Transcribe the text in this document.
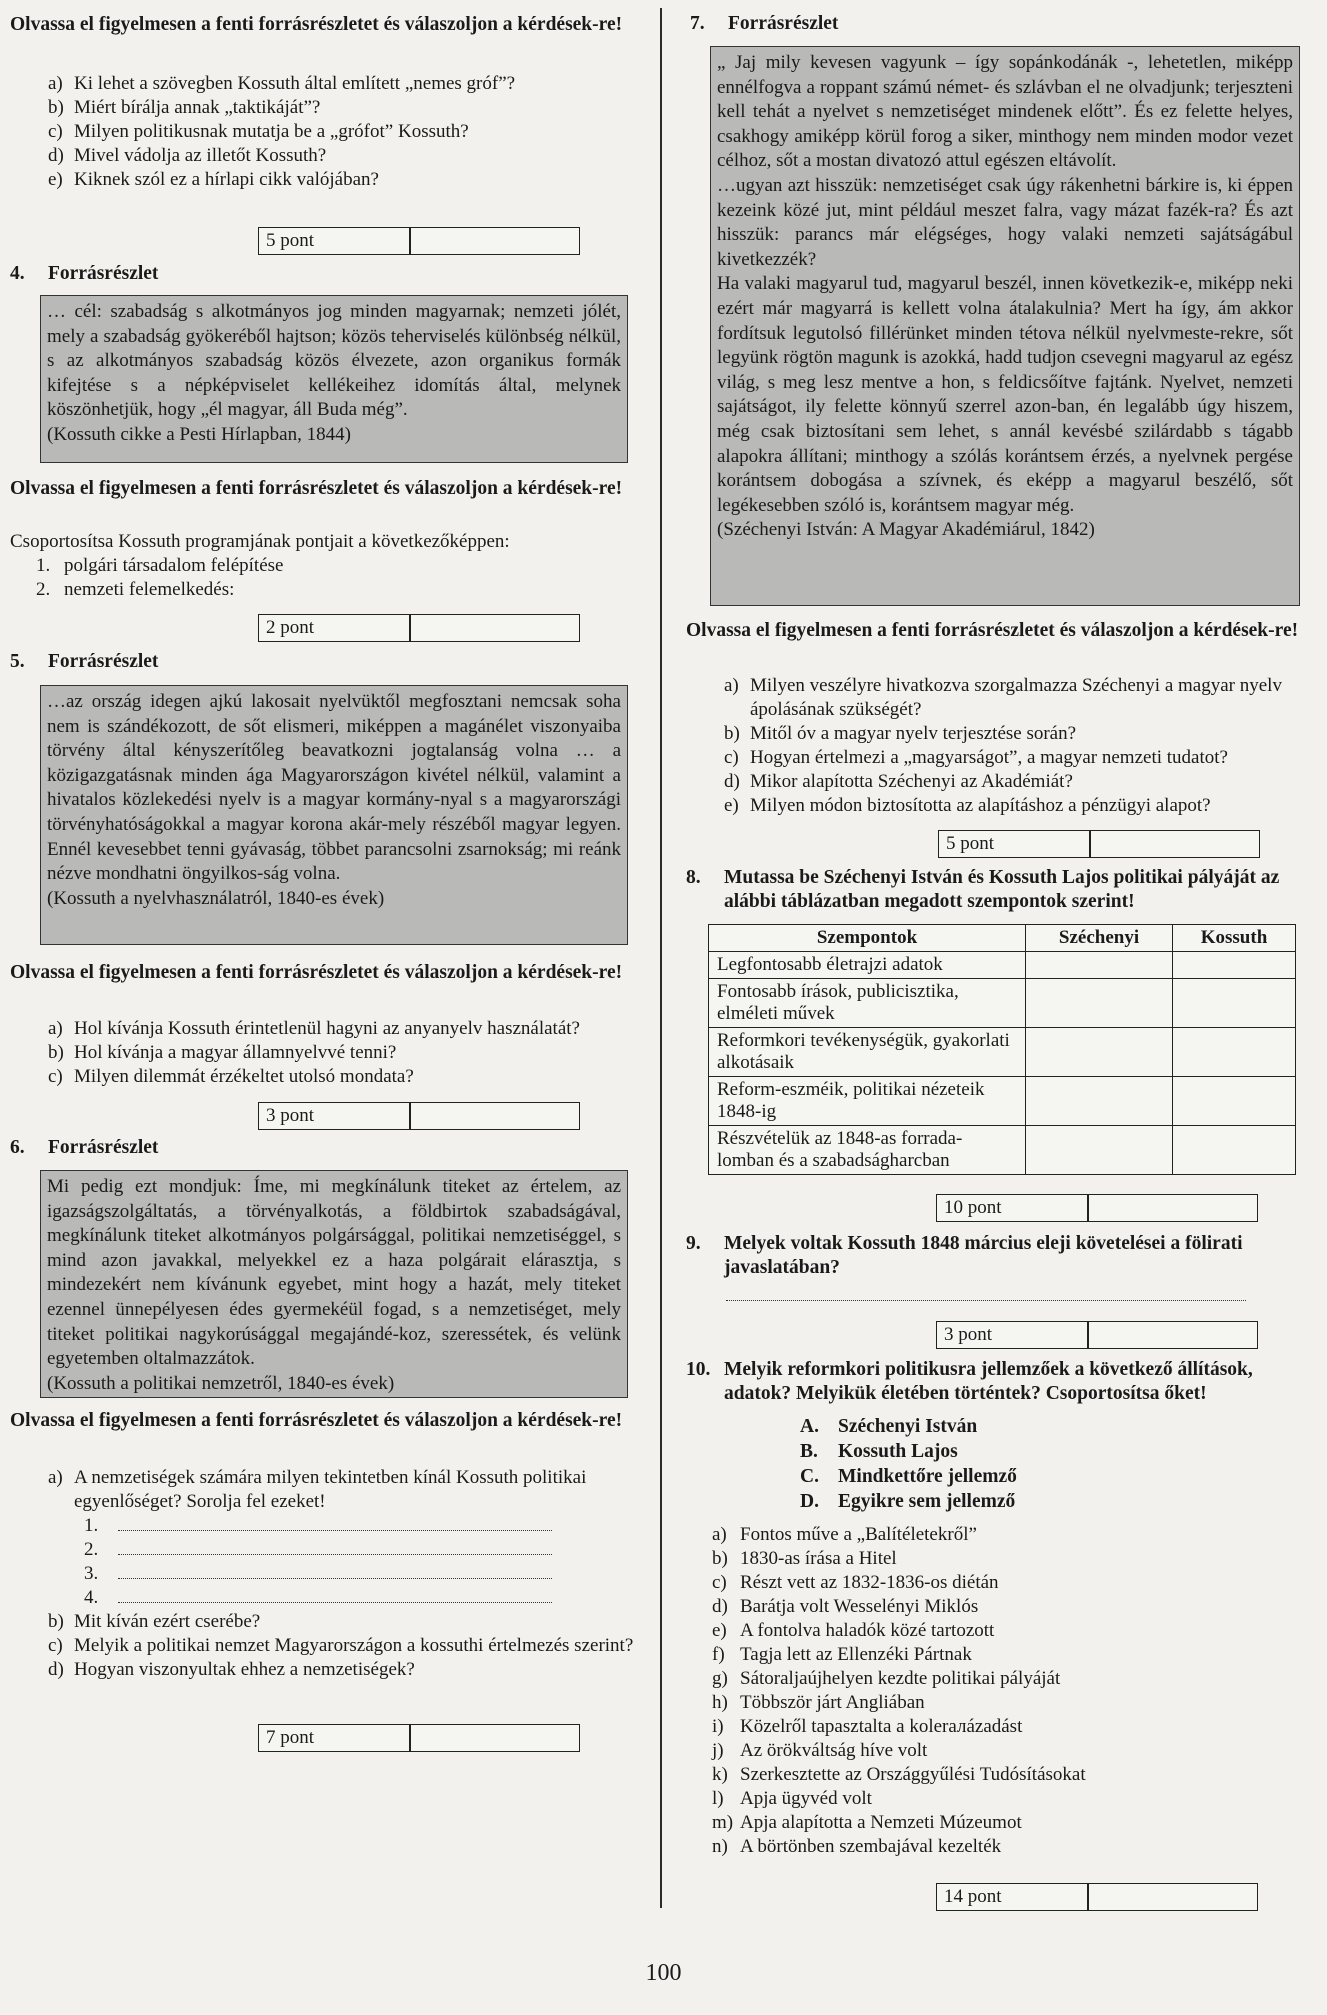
Olvassa el figyelmesen a fenti forrásrészletet és válaszoljon a kérdések-re!

a) Ki lehet a szövegben Kossuth által említett „nemes gróf”?
b) Miért bírálja annak „taktikáját”?
c) Milyen politikusnak mutatja be a „grófot” Kossuth?
d) Mivel vádolja az illetőt Kossuth?
e) Kiknek szól ez a hírlapi cikk valójában?
5 pont
4. Forrásrészlet

… cél: szabadság s alkotmányos jog minden magyarnak; nemzeti jólét, mely a szabadság gyökeréből hajtson; közös teherviselés különbség nélkül, s az alkotmányos szabadság közös élvezete, azon organikus formák kifejtése s a népképviselet kellékeihez idomítás által, melynek köszönhetjük, hogy „él magyar, áll Buda még”.

(Kossuth cikke a Pesti Hírlapban, 1844)

Olvassa el figyelmesen a fenti forrásrészletet és válaszoljon a kérdések-re!

Csoportosítsa Kossuth programjának pontjait a következőképpen:

1. polgári társadalom felépítése
2. nemzeti felemelkedés:
2 pont
5. Forrásrészlet

…az ország idegen ajkú lakosait nyelvüktől megfosztani nemcsak soha nem is szándékozott, de sőt elismeri, miképpen a magánélet viszonyaiba törvény által kényszerítőleg beavatkozni jogtalanság volna … a közigazgatásnak minden ága Magyarországon kivétel nélkül, valamint a hivatalos közlekedési nyelv is a magyar kormány-nyal s a magyarországi törvényhatóságokkal a magyar korona akár-mely részéből magyar legyen. Ennél kevesebbet tenni gyávaság, többet parancsolni zsarnokság; mi reánk nézve mondhatni öngyilkos-ság volna.

(Kossuth a nyelvhasználatról, 1840-es évek)

Olvassa el figyelmesen a fenti forrásrészletet és válaszoljon a kérdések-re!

a) Hol kívánja Kossuth érintetlenül hagyni az anyanyelv használatát?
b) Hol kívánja a magyar államnyelvvé tenni?
c) Milyen dilemmát érzékeltet utolsó mondata?
3 pont
6. Forrásrészlet

Mi pedig ezt mondjuk: Íme, mi megkínálunk titeket az értelem, az igazságszolgáltatás, a törvényalkotás, a földbirtok szabadságával, megkínálunk titeket alkotmányos polgársággal, politikai nemzetiséggel, s mind azon javakkal, melyekkel ez a haza polgárait elárasztja, s mindezekért nem kívánunk egyebet, mint hogy a hazát, mely titeket ezennel ünnepélyesen édes gyermekéül fogad, s a nemzetiséget, mely titeket politikai nagykorúsággal megajándé-koz, szeressétek, és velünk egyetemben oltalmazzátok.

(Kossuth a politikai nemzetről, 1840-es évek)

Olvassa el figyelmesen a fenti forrásrészletet és válaszoljon a kérdések-re!

a) A nemzetiségek számára milyen tekintetben kínál Kossuth politikai egyenlőséget? Sorolja fel ezeket!
1.
2.
3.
4.
b) Mit kíván ezért cserébe?
c) Melyik a politikai nemzet Magyarországon a kossuthi értelmezés szerint?
d) Hogyan viszonyultak ehhez a nemzetiségek?
7 pont
7. Forrásrészlet

„ Jaj mily kevesen vagyunk – így sopánkodánák -, lehetetlen, miképp ennélfogva a roppant számú német- és szlávban el ne olvadjunk; terjeszteni kell tehát a nyelvet s nemzetiséget mindenek előtt”. És ez felette helyes, csakhogy amiképp körül forog a siker, minthogy nem minden modor vezet célhoz, sőt a mostan divatozó attul egészen eltávolít.

…ugyan azt hisszük: nemzetiséget csak úgy rákenhetni bárkire is, ki éppen kezeink közé jut, mint például meszet falra, vagy mázat fazék-ra? És azt hisszük: parancs már elégséges, hogy valaki nemzeti sajátságábul kivetkezzék?

Ha valaki magyarul tud, magyarul beszél, innen következik-e, miképp neki ezért már magyarrá is kellett volna átalakulnia? Mert ha így, ám akkor fordítsuk legutolsó fillérünket minden tétova nélkül nyelvmeste-rekre, sőt legyünk rögtön magunk is azokká, hadd tudjon csevegni magyarul az egész világ, s meg lesz mentve a hon, s feldicsőítve fajtánk. Nyelvet, nemzeti sajátságot, ily felette könnyű szerrel azon-ban, én legalább úgy hiszem, még csak biztosítani sem lehet, s annál kevésbé szilárdabb s tágabb alapokra állítani; minthogy a szólás korántsem érzés, a nyelvnek pergése korántsem dobogása a szívnek, és eképp a magyarul beszélő, sőt legékesebben szóló is, korántsem magyar még.

(Széchenyi István: A Magyar Akadémiárul, 1842)

Olvassa el figyelmesen a fenti forrásrészletet és válaszoljon a kérdések-re!

a) Milyen veszélyre hivatkozva szorgalmazza Széchenyi a magyar nyelv ápolásának szükségét?
b) Mitől óv a magyar nyelv terjesztése során?
c) Hogyan értelmezi a „magyarságot”, a magyar nemzeti tudatot?
d) Mikor alapította Széchenyi az Akadémiát?
e) Milyen módon biztosította az alapításhoz a pénzügyi alapot?
5 pont
8. Mutassa be Széchenyi István és Kossuth Lajos politikai pályáját az alábbi táblázatban megadott szempontok szerint!
Szempontok	Széchenyi	Kossuth
Legfontosabb életrajzi adatok		
Fontosabb írások, publicisztika, elméleti művek		
Reformkori tevékenységük, gyakorlati alkotásaik		
Reform-eszméik, politikai nézeteik 1848-ig		
Részvételük az 1848-as forrada-lomban és a szabadságharcban		
10 pont
9. Melyek voltak Kossuth 1848 március eleji követelései a fölirati javaslatában?
3 pont
10. Melyik reformkori politikusra jellemzőek a következő állítások, adatok? Melyikük életében történtek? Csoportosítsa őket!
A. Széchenyi István
B. Kossuth Lajos
C. Mindkettőre jellemző
D. Egyikre sem jellemző
a) Fontos műve a „Balítéletekről”
b) 1830-as írása a Hitel
c) Részt vett az 1832-1836-os diétán
d) Barátja volt Wesselényi Miklós
e) A fontolva haladók közé tartozott
f) Tagja lett az Ellenzéki Pártnak
g) Sátoraljaújhelyen kezdte politikai pályáját
h) Többször járt Angliában
i) Közelről tapasztalta a kolerалázadást
j) Az örökváltság híve volt
k) Szerkesztette az Országgyűlési Tudósításokat
l) Apja ügyvéd volt
m) Apja alapította a Nemzeti Múzeumot
n) A börtönben szembajával kezelték
14 pont
100
